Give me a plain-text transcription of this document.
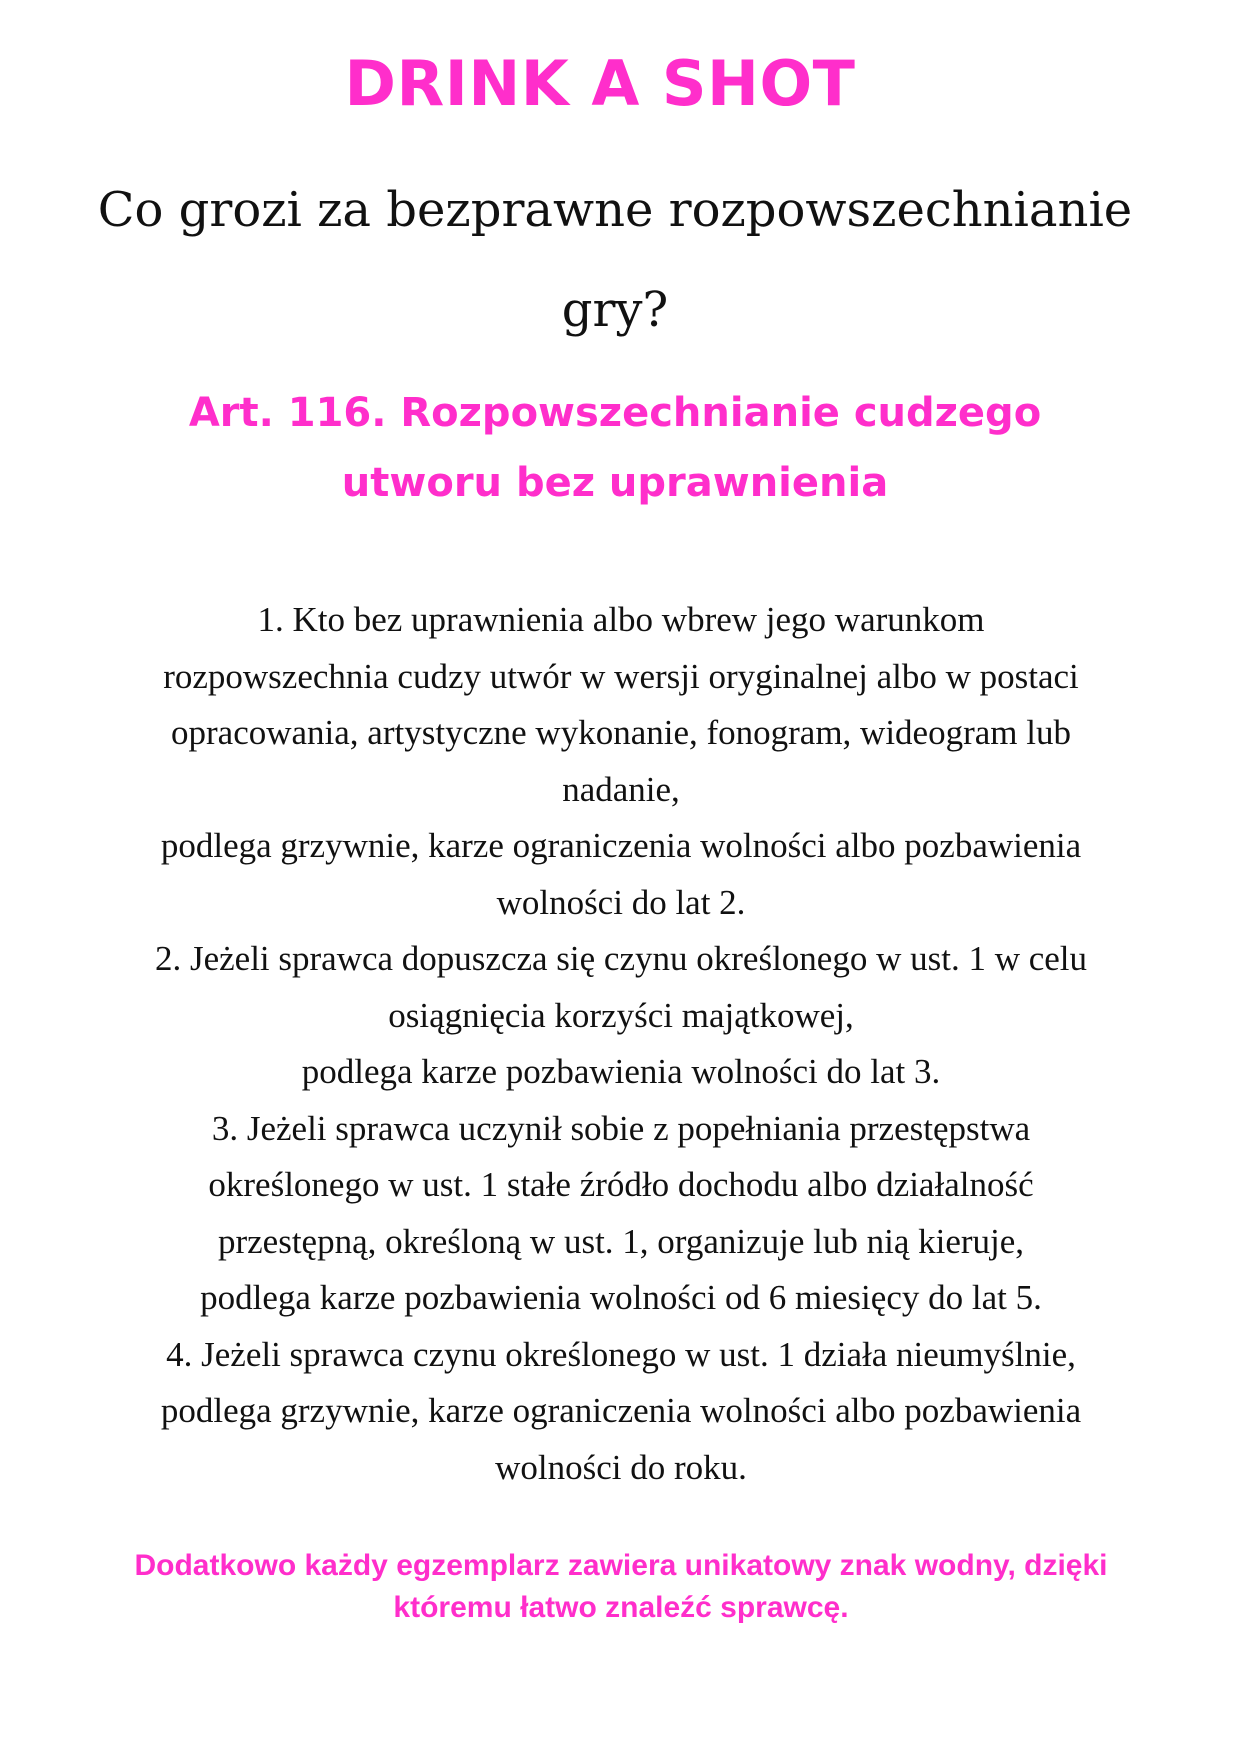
DRINK A SHOT
Co grozi za bezprawne rozpowszechnianie
gry?
Art. 116. Rozpowszechnianie cudzego
utworu bez uprawnienia
1. Kto bez uprawnienia albo wbrew jego warunkom
rozpowszechnia cudzy utwór w wersji oryginalnej albo w postaci
opracowania, artystyczne wykonanie, fonogram, wideogram lub
nadanie,
podlega grzywnie, karze ograniczenia wolności albo pozbawienia
wolności do lat 2.
2. Jeżeli sprawca dopuszcza się czynu określonego w ust. 1 w celu
osiągnięcia korzyści majątkowej,
podlega karze pozbawienia wolności do lat 3.
3. Jeżeli sprawca uczynił sobie z popełniania przestępstwa
określonego w ust. 1 stałe źródło dochodu albo działalność
przestępną, określoną w ust. 1, organizuje lub nią kieruje,
podlega karze pozbawienia wolności od 6 miesięcy do lat 5.
4. Jeżeli sprawca czynu określonego w ust. 1 działa nieumyślnie,
podlega grzywnie, karze ograniczenia wolności albo pozbawienia
wolności do roku.
Dodatkowo każdy egzemplarz zawiera unikatowy znak wodny, dzięki
któremu łatwo znaleźć sprawcę.
